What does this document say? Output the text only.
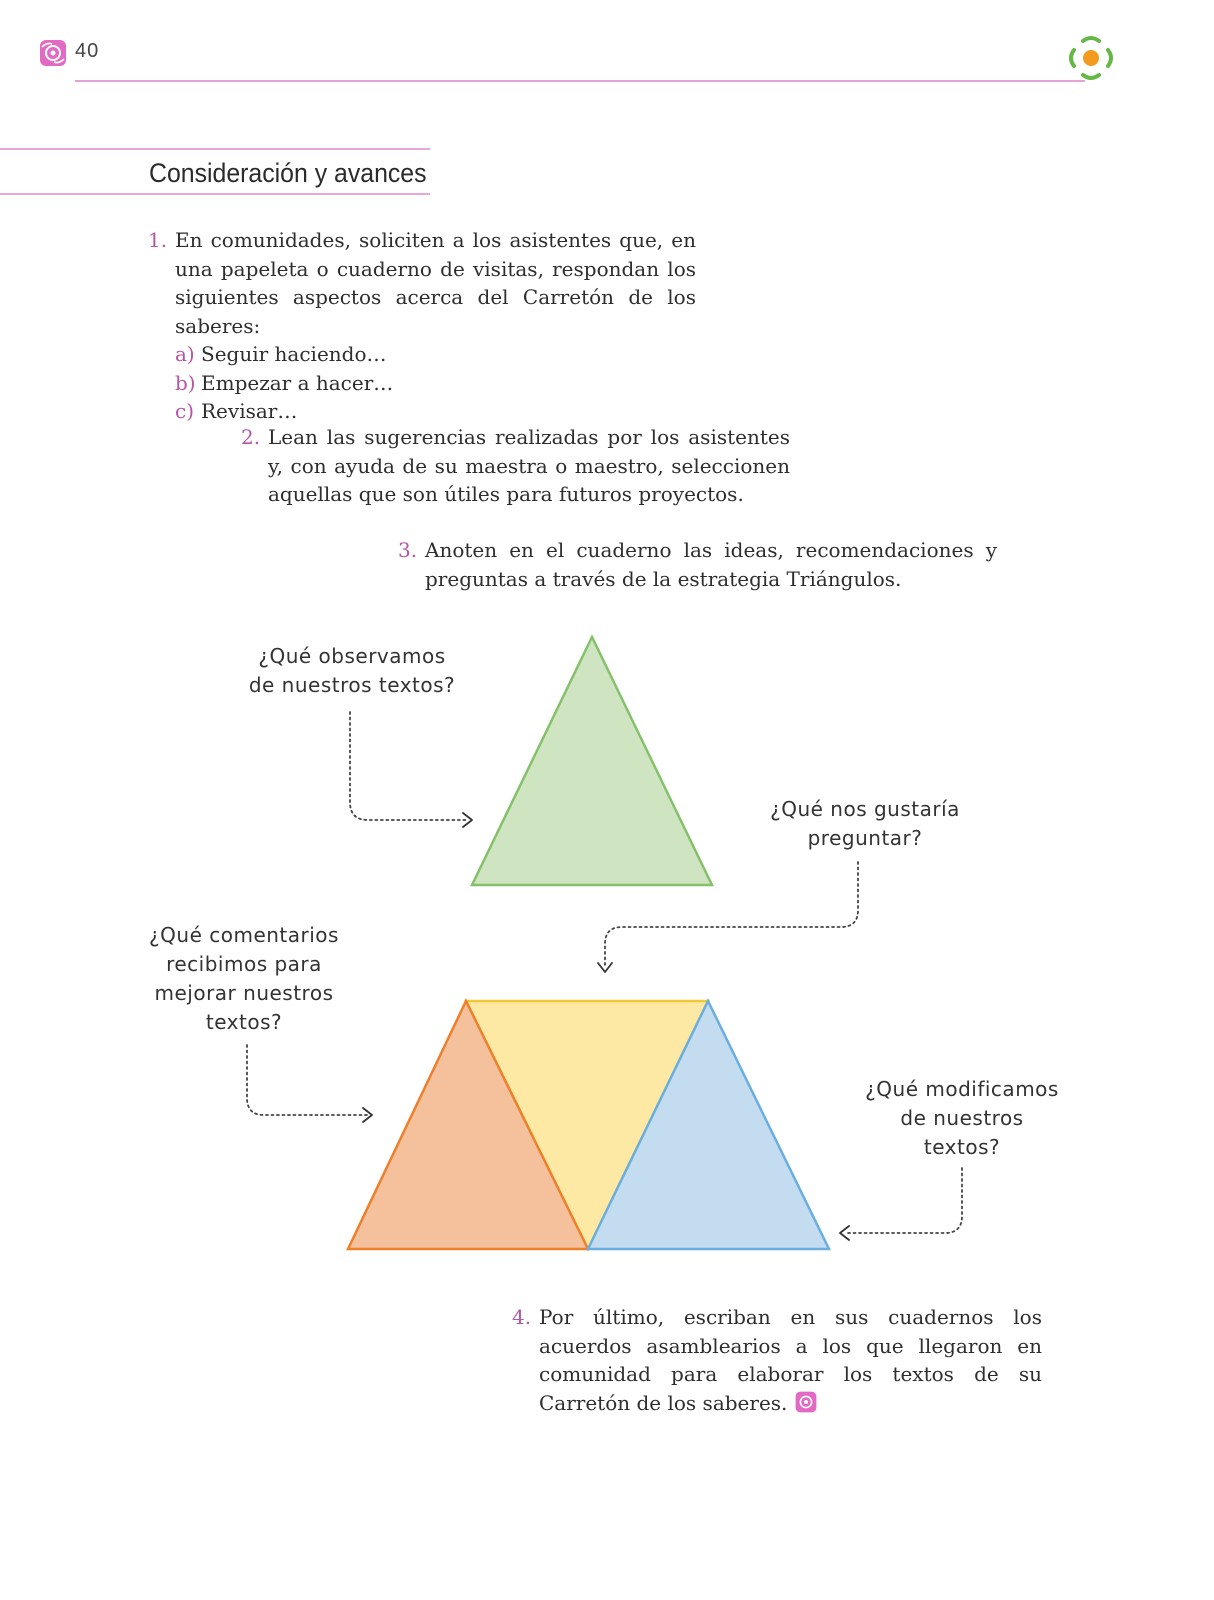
40
Consideración y avances
1. En comunidades, soliciten a los asistentes que, en una papeleta o cuaderno de visitas, respondan los siguientes aspectos acerca del Carretón de los saberes:

a) Seguir haciendo…
b) Empezar a hacer…
c) Revisar…
2. Lean las sugerencias realizadas por los asistentes y, con ayuda de su maestra o maestro, seleccionen aquellas que son útiles para futuros proyectos.

3. Anoten en el cuaderno las ideas, recomendaciones y preguntas a través de la estrategia Triángulos.

¿Qué observamos
de nuestros textos?
¿Qué nos gustaría
preguntar?
¿Qué comentarios
recibimos para
mejorar nuestros
textos?
¿Qué modificamos
de nuestros
textos?
4. Por último, escriban en sus cuadernos los acuerdos asamblearios a los que llegaron en comunidad para elaborar los textos de su Carretón de los saberes.
